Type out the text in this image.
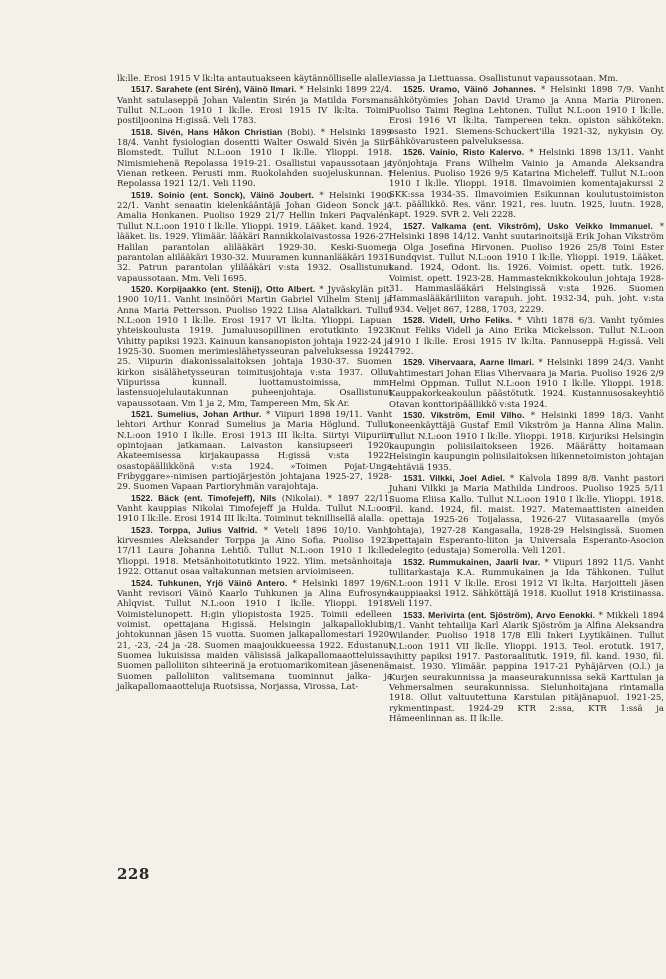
lk:lle. Erosi 1915 V lk:lta antautuakseen käytännölliselle alalle.

1517. Sarahete (ent Sirén), Väinö Ilmari. * Helsinki 1899 22/4. Vanht satulaseppä Johan Valentin Sirén ja Matilda Forsman. Tullut N.L:oon 1910 I lk:lle. Erosi 1915 IV lk:lta. Toimii postiljoonina H:gissä. Veli 1783.

1518. Sivén, Hans Håkon Christian (Bobi). * Helsinki 1899 18/4. Vanht fysiologian dosentti Walter Oswald Sivén ja Siiri Blomstedt. Tullut N.L:oon 1910 I lk:lle. Ylioppi. 1918. Nimismiehenä Repolassa 1919-21. Osallistui vapaussotaan ja Vienan retkeen. Perusti mm. Ruokolahden suojeluskunnan. † Repolassa 1921 12/1. Veli 1190.

1519. Soinio (ent. Sonck), Väinö Joubert. * Helsinki 1900 22/1. Vanht senaatin kielenkääntäjä Johan Gideon Sonck ja Amalia Honkanen. Puoliso 1929 21/7 Hellin Inkeri Paqvalén. Tullut N.L:oon 1910 I lk:lle. Ylioppi. 1919. Lääket. kand. 1924, lääket. lis. 1929. Ylimäär. lääkäri Rannikkolaivastossa 1926-27. Halilan parantolan alilääkäri 1929-30. Keski-Suomen parantolan alilääkäri 1930-32. Muuramen kunnanlääkäri 1931-32. Patrun parantolan ylilääkäri v:sta 1932. Osallistunut vapaussotaan. Mm. Veli 1695.

1520. Korpijaakko (ent. Stenij), Otto Albert. * Jyväskylän pit. 1900 10/11. Vanht insinööri Martin Gabriel Vilhelm Stenij ja Anna Maria Pettersson. Puoliso 1922 Liisa Alatalkkari. Tullut N.L:oon 1910 I lk:lle. Erosi 1917 VI lk:lta. Ylioppi. Lapuan yhteiskoulusta 1919. Jumaluusopillinen erotutkinto 1923. Vihitty papiksi 1923. Kainuun kansanopiston johtaja 1922-24 ja 1925-30. Suomen merimieslähetysseuran palveluksessa 1924-25. Viipurin diakonissalaitoksen johtaja 1930-37. Suomen kirkon sisälähetysseuran toimitusjohtaja v:sta 1937. Ollut Viipurissa kunnall. luottamustoimissa, mm. lastensuojelulautakunnan puheenjohtaja. Osallistunut vapaussotaan. Vm 1 ja 2, Mm, Tampereen Mm, Sk Ar.

1521. Sumelius, Johan Arthur. * Viipuri 1898 19/11. Vanht lehtori Arthur Konrad Sumelius ja Maria Höglund. Tullut N.L:oon 1910 I lk:lle. Erosi 1913 III lk:lta. Siirtyi Viipuriin opintojaan jatkamaan. Laivaston kansiupseeri 1920. Akateemisessa kirjakaupassa H:gissä v:sta 1922, osastopäällikkönä v:sta 1924. »Toimen Pojat-Unga Fribyggare»-nimisen partiojärjestön johtajana 1925-27, 1928-29. Suomen Vapaan Partioryhmän varajohtaja.

1522. Bäck (ent. Timofejeff), Nils (Nikolai). * 1897 22/11. Vanht kauppias Nikolai Timofejeff ja Hulda. Tullut N.L:oon 1910 I lk:lle. Erosi 1914 III lk:lta. Toiminut teknillisellä alalla.

1523. Torppa, Julius Valfrid. * Veteli 1896 10/10. Vanht kirvesmies Aleksander Torppa ja Aino Sofia. Puoliso 1923 17/11 Laura Johanna Lehtiö. Tullut N.L:oon 1910 I lk:lle. Ylioppi. 1918. Metsänhoitotutkinto 1922. Ylim. metsänhoitaja 1922. Ottanut osaa valtakunnan metsien arvioimiseen.

1524. Tuhkunen, Yrjö Väinö Antero. * Helsinki 1897 19/6. Vanht revisori Väinö Kaarlo Tuhkunen ja Alina Eufrosyne Ahlqvist. Tullut N.L:oon 1910 I lk:lle. Ylioppi. 1918. Voimistelunopett. H:gin yliopistosta 1925. Toimii edelleen voimist. opettajana H:gissä. Helsingin jalkapalloklubin johtokunnan jäsen 15 vuotta. Suomen jalkapallomestari 1920-21, -23, -24 ja -28. Suomen maajoukkueessa 1922. Edustanut Suomea lukuisissa maiden välisissä jalkapallomaaotteluissa. Suomen palloliiton sihteerinä ja erotuomarikomitean jäsenenä. Suomen palloliiton valitsemana tuominnut jalka- ja jalkapallomaaotteluja Ruotsissa, Norjassa, Virossa, Lat-

viassa ja Liettuassa. Osallistunut vapaussotaan. Mm.

1525. Uramo, Väinö Johannes. * Helsinki 1898 7/9. Vanht sähkötyömies Johan David Uramo ja Anna Maria Piironen. Puoliso Taimi Regina Lehtonen. Tullut N.L:oon 1910 I lk:lle. Erosi 1916 VI lk:lta. Tampereen tekn. opiston sähkötekn. osasto 1921. Siemens-Schuckert'illa 1921-32, nykyisin Oy. Sähkövarusteen palveluksessa.

1526. Vainio, Risto Kalervo. * Helsinki 1898 13/11. Vanht työnjohtaja Frans Wilhelm Vainio ja Amanda Aleksandra Helenius. Puoliso 1926 9/5 Katarina Micheleff. Tullut N.L:oon 1910 I lk:lle. Ylioppi. 1918. Ilmavoimien komentajakurssi 2 SKK:ssa 1934-35. Ilmavoimien Esikunnan koulutustoimiston v.t. päällikkö. Res. vänr. 1921, res. luutn. 1925, luutn. 1928, kapt. 1929. SVR 2. Veli 2228.

1527. Valkama (ent. Vikström), Usko Veikko Immanuel. * Helsinki 1898 14/12. Vanht suutarinoitsijä Erik Johan Vikström ja Olga Josefina Hirvonen. Puoliso 1926 25/8 Toini Ester Sundqvist. Tullut N.L:oon 1910 I lk:lle. Ylioppi. 1919. Lääket. kand. 1924, Odont. lis. 1926. Voimist. opett. tutk. 1926. Voimist. opett. 1923-28. Hammasteknikkokoulun johtaja 1928-31. Hammaslääkäri Helsingissä v:sta 1926. Suomen Hammaslääkäriliiton varapuh. joht. 1932-34, puh. joht. v:sta 1934. Veljet 867, 1288, 1703, 2229.

1528. Videll, Urho Feliks. * Vihti 1878 6/3. Vanht työmies Knut Feliks Videll ja Aino Erika Mickelsson. Tullut N.L:oon 1910 I lk:lle. Erosi 1915 IV lk:lta. Pannuseppä H:gissä. Veli 1792.

1529. Vihervaara, Aarne Ilmari. * Helsinki 1899 24/3. Vanht vahtimestari Johan Elias Vihervaara ja Maria. Puoliso 1926 2/9 Helmi Oppman. Tullut N.L:oon 1910 I lk:lle. Ylioppi. 1918. Kauppakorkeakoulun päästötutk. 1924. Kustannusosakeyhtiö Otavan konttoripäällikkö v:sta 1924.

1530. Vikström, Emil Vilho. * Helsinki 1899 18/3. Vanht koneenkäyttäjä Gustaf Emil Vikström ja Hanna Alina Malin. Tullut N.L:oon 1910 I lk:lle. Ylioppi. 1918. Kirjuriksi Helsingin kaupungin poliisilaitokseen 1926. Määrätty hoitamaan Helsingin kaupungin poliisilaitoksen liikennetoimiston johtajan tehtäviä 1935.

1531. Vilkki, Joel Adiel. * Kalvola 1899 8/8. Vanht pastori Juhani Vilkki ja Maria Mathilda Lindroos. Puoliso 1925 5/11 Suoma Eliisa Kallo. Tullut N.L:oon 1910 I lk:lle. Ylioppi. 1918. Fil. kand. 1924, fil. maist. 1927. Matemaattisten aineiden opettaja 1925-26 Toijalassa, 1926-27 Viitasaarella (myös johtaja), 1927-28 Kangasalla, 1928-29 Helsingissä. Suomen opettajain Esperanto-liiton ja Universala Esperanto-Asocion delegito (edustaja) Somerolla. Veli 1201.

1532. Rummukainen, Jaarli Ivar. * Viipuri 1892 11/5. Vanht tullitarkastaja K.A. Rummukainen ja Ida Tähkonen. Tullut N.L:oon 1911 V lk:lle. Erosi 1912 VI lk:lta. Harjoitteli jäsen kauppiaaksi 1912. Sähköttäjä 1918. Kuollut 1918 Kristiinassa. Veli 1197.

1533. Merivirta (ent. Sjöström), Arvo Eenokki. * Mikkeli 1894 3/1. Vanht tehtailija Karl Alarik Sjöström ja Alfina Aleksandra Wilander. Puoliso 1918 17/8 Elli Inkeri Lyytikäinen. Tullut N.L:oon 1911 VII lk:lle. Ylioppi. 1913. Teol. erotutk. 1917, vihitty papiksi 1917. Pastoraalitutk. 1919, fil. kand. 1930, fil. maist. 1930. Ylimäär. pappina 1917-21 Pyhäjärven (O.l.) ja Kurjen seurakunnissa ja maaseurakunnissa sekä Karttulan ja Vehmersalmen seurakunnissa. Sielunhoitajana rintamalla 1918. Ollut valtuutettuna Karstulan pitäjänapuol. 1921-25, rykmentinpast. 1924-29 KTR 2:ssa, KTR 1:ssä ja Hämeenlinnan as. II lk:lle.

228
